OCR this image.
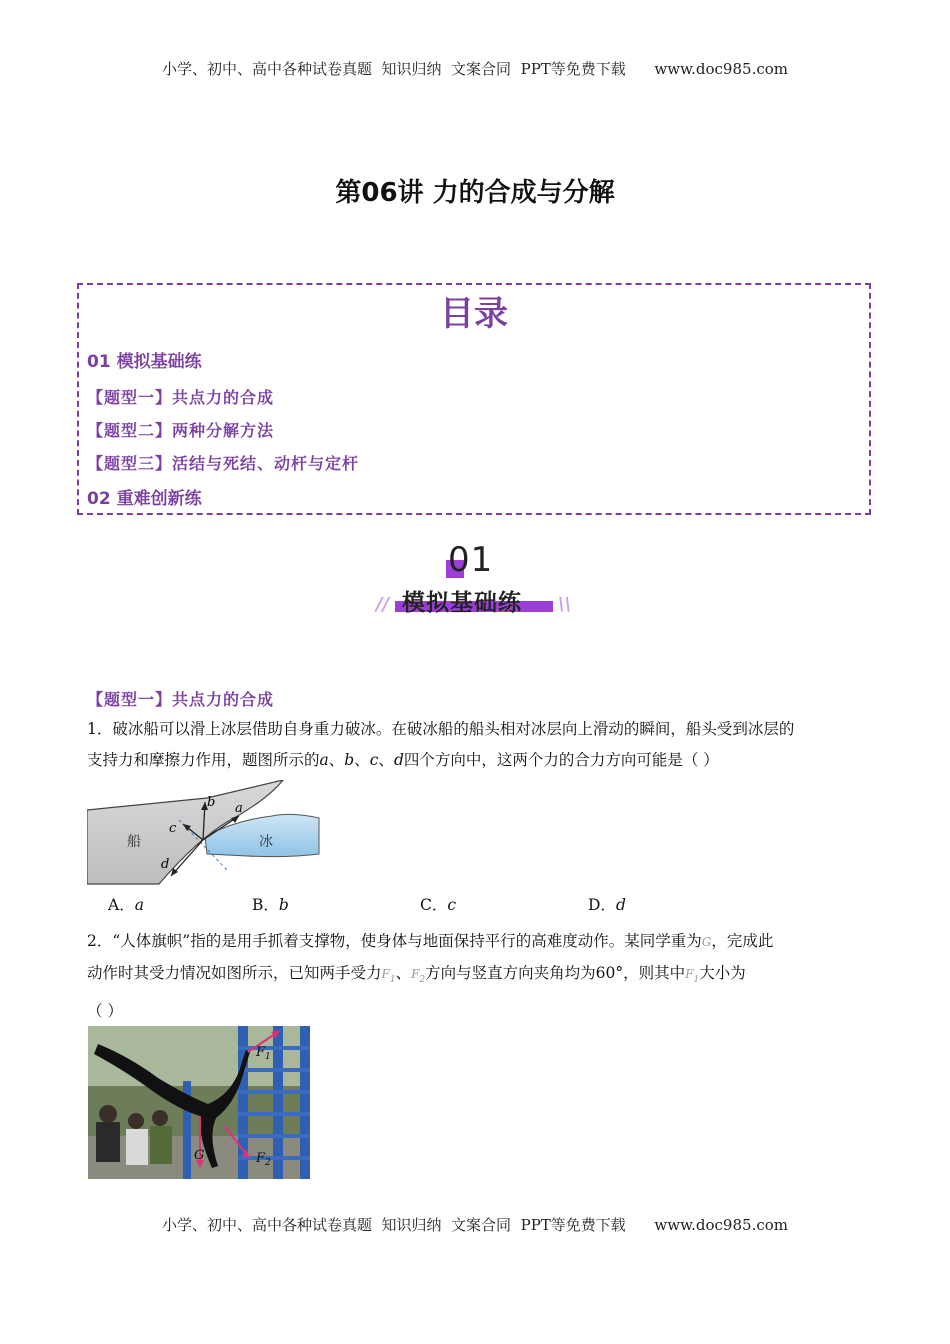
小学、初中、高中各种试卷真题  知识归纳  文案合同  PPT等免费下载      www.doc985.com
第06讲 力的合成与分解
目录
01 模拟基础练
【题型一】共点力的合成
【题型二】两种分解方法
【题型三】活结与死结、动杆与定杆
02 重难创新练
01
模拟基础练
//	\\
【题型一】共点力的合成
1．破冰船可以滑上冰层借助自身重力破冰。在破冰船的船头相对冰层向上滑动的瞬间，船头受到冰层的
支持力和摩擦力作用，题图所示的a、b、c、d四个方向中，这两个力的合力方向可能是（ ）
船	冰
a
b
c
d
A．a	B．b	C．c	D．d
2．“人体旗帜”指的是用手抓着支撑物，使身体与地面保持平行的高难度动作。某同学重为G，完成此
动作时其受力情况如图所示，已知两手受力$F_1$、$F_2$方向与竖直方向夹角均为60°，则其中$F_1$大小为
（ ）
$F_1$
$F_2$
G
小学、初中、高中各种试卷真题  知识归纳  文案合同  PPT等免费下载      www.doc985.com
